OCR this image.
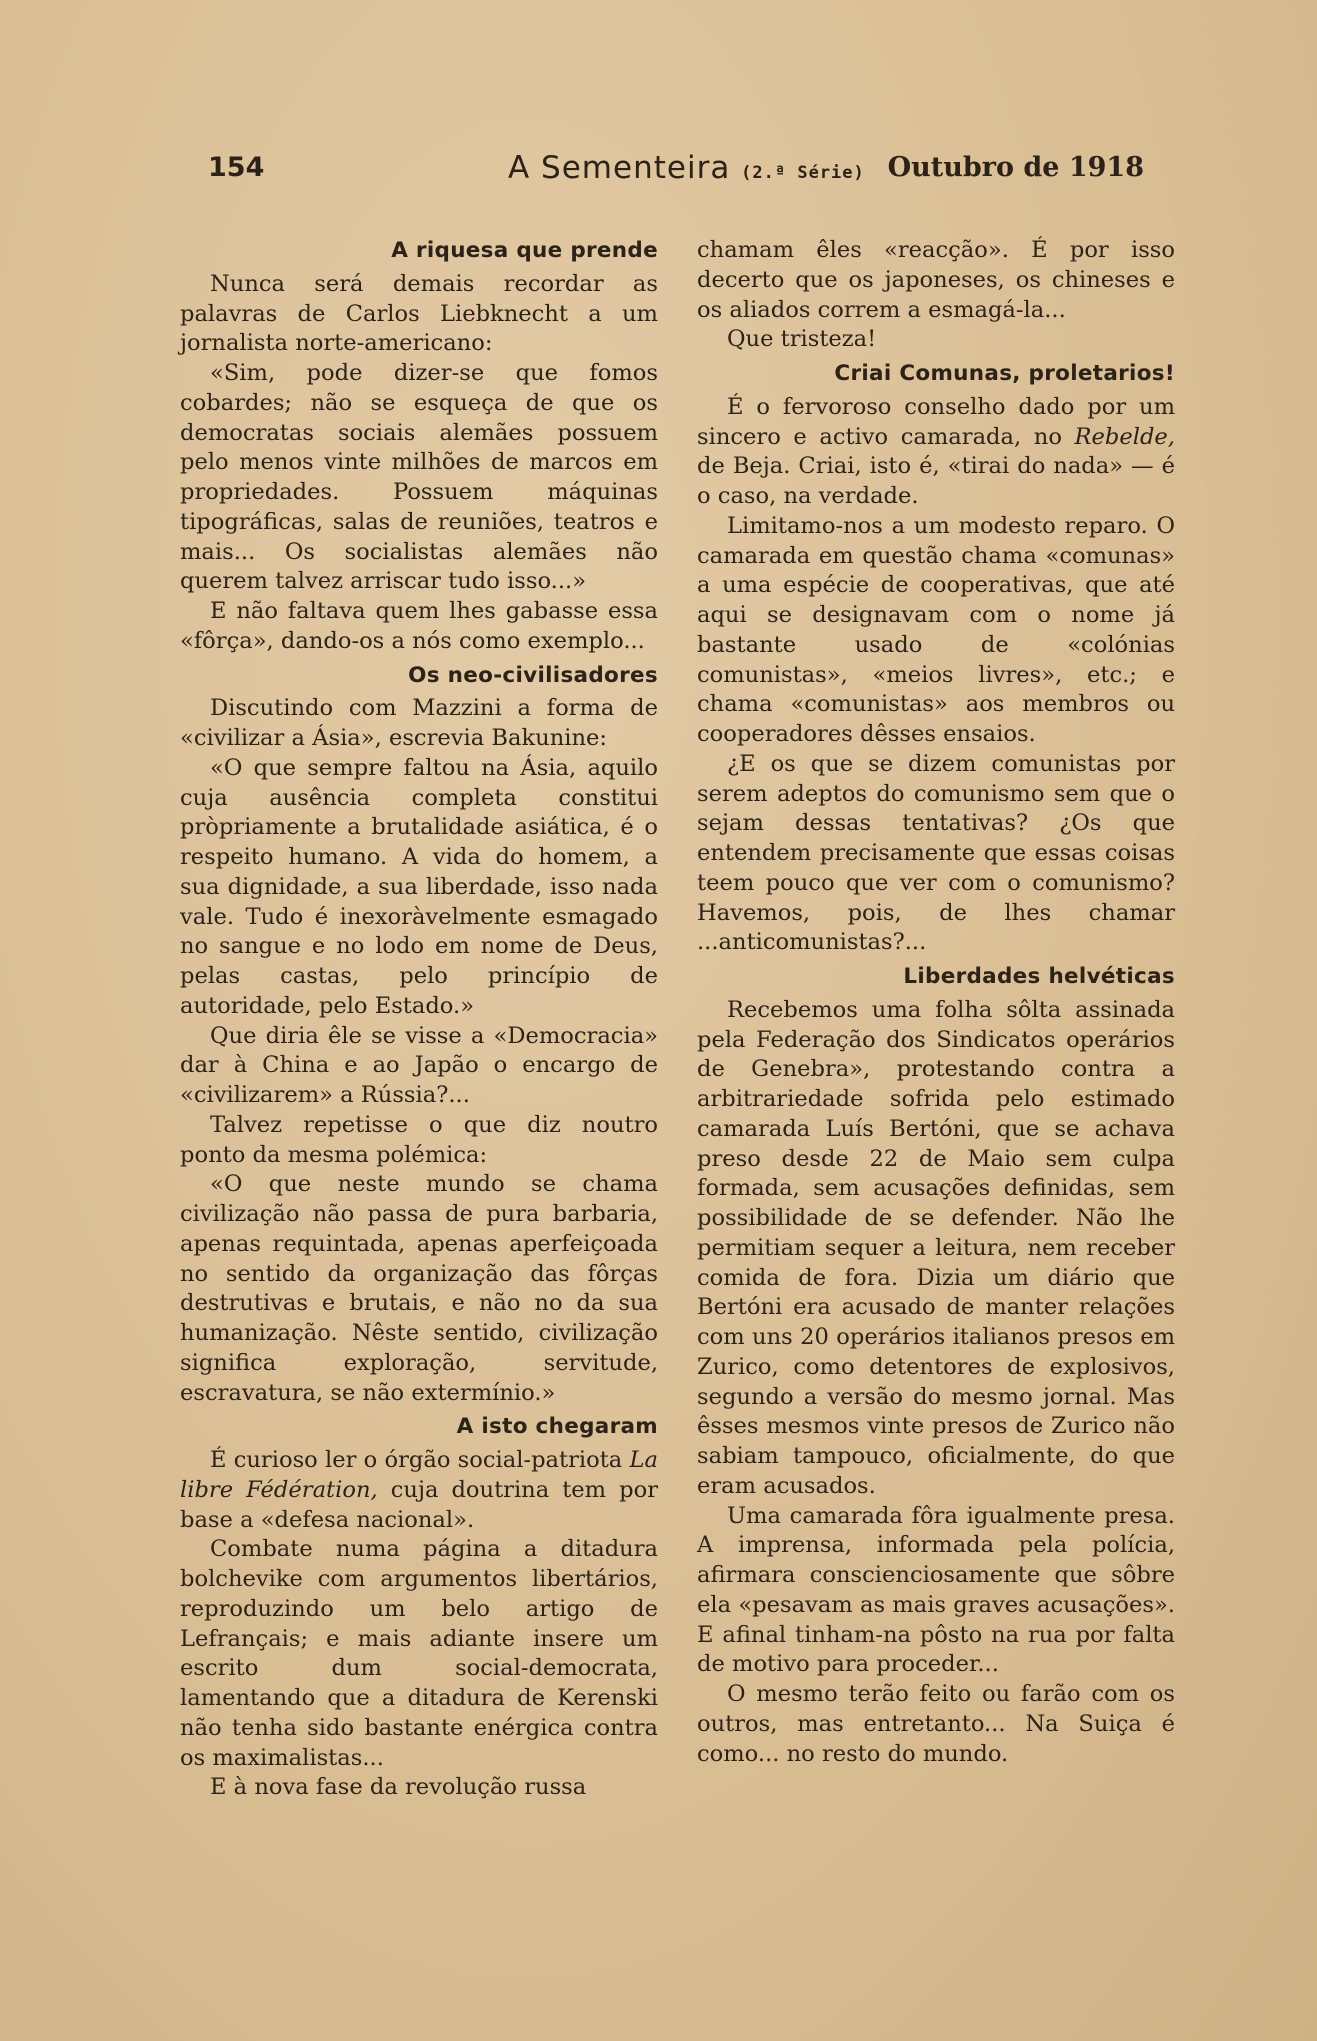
154	A Sementeira (2.ª Série) Outubro de 1918
A riquesa que prende

Nunca será demais recordar as palavras de Carlos Liebknecht a um jornalista norte-americano:

«Sim, pode dizer-se que fomos cobardes; não se esqueça de que os democratas sociais alemães possuem pelo menos vinte milhões de marcos em propriedades. Possuem máquinas tipográficas, salas de reuniões, teatros e mais... Os socialistas alemães não querem talvez arriscar tudo isso...»

E não faltava quem lhes gabasse essa «fôrça», dando-os a nós como exemplo...

Os neo-civilisadores

Discutindo com Mazzini a forma de «civilizar a Ásia», escrevia Bakunine:

«O que sempre faltou na Ásia, aquilo cuja ausência completa constitui pròpriamente a brutalidade asiática, é o respeito humano. A vida do homem, a sua dignidade, a sua liberdade, isso nada vale. Tudo é inexoràvelmente esmagado no sangue e no lodo em nome de Deus, pelas castas, pelo princípio de autoridade, pelo Estado.»

Que diria êle se visse a «Democracia» dar à China e ao Japão o encargo de «civilizarem» a Rússia?...

Talvez repetisse o que diz noutro ponto da mesma polémica:

«O que neste mundo se chama civilização não passa de pura barbaria, apenas requintada, apenas aperfeiçoada no sentido da organização das fôrças destrutivas e brutais, e não no da sua humanização. Nêste sentido, civilização significa exploração, servitude, escravatura, se não extermínio.»

A isto chegaram

É curioso ler o órgão social-patriota La libre Fédération, cuja doutrina tem por base a «defesa nacional».

Combate numa página a ditadura bolchevike com argumentos libertários, reproduzindo um belo artigo de Lefrançais; e mais adiante insere um escrito dum social-democrata, lamentando que a ditadura de Kerenski não tenha sido bastante enérgica contra os maximalistas...

E à nova fase da revolução russa

chamam êles «reacção». É por isso decerto que os japoneses, os chineses e os aliados correm a esmagá-la...

Que tristeza!

Criai Comunas, proletarios!

É o fervoroso conselho dado por um sincero e activo camarada, no Rebelde, de Beja. Criai, isto é, «tirai do nada» — é o caso, na verdade.

Limitamo-nos a um modesto reparo. O camarada em questão chama «comunas» a uma espécie de cooperativas, que até aqui se designavam com o nome já bastante usado de «colónias comunistas», «meios livres», etc.; e chama «comunistas» aos membros ou cooperadores dêsses ensaios.

¿E os que se dizem comunistas por serem adeptos do comunismo sem que o sejam dessas tentativas? ¿Os que entendem precisamente que essas coisas teem pouco que ver com o comunismo? Havemos, pois, de lhes chamar ...anticomunistas?...

Liberdades helvéticas

Recebemos uma folha sôlta assinada pela Federação dos Sindicatos operários de Genebra», protestando contra a arbitrariedade sofrida pelo estimado camarada Luís Bertóni, que se achava preso desde 22 de Maio sem culpa formada, sem acusações definidas, sem possibilidade de se defender. Não lhe permitiam sequer a leitura, nem receber comida de fora. Dizia um diário que Bertóni era acusado de manter relações com uns 20 operários italianos presos em Zurico, como detentores de explosivos, segundo a versão do mesmo jornal. Mas êsses mesmos vinte presos de Zurico não sabiam tampouco, oficialmente, do que eram acusados.

Uma camarada fôra igualmente presa. A imprensa, informada pela polícia, afirmara conscienciosamente que sôbre ela «pesavam as mais graves acusações». E afinal tinham-na pôsto na rua por falta de motivo para proceder...

O mesmo terão feito ou farão com os outros, mas entretanto... Na Suiça é como... no resto do mundo.
